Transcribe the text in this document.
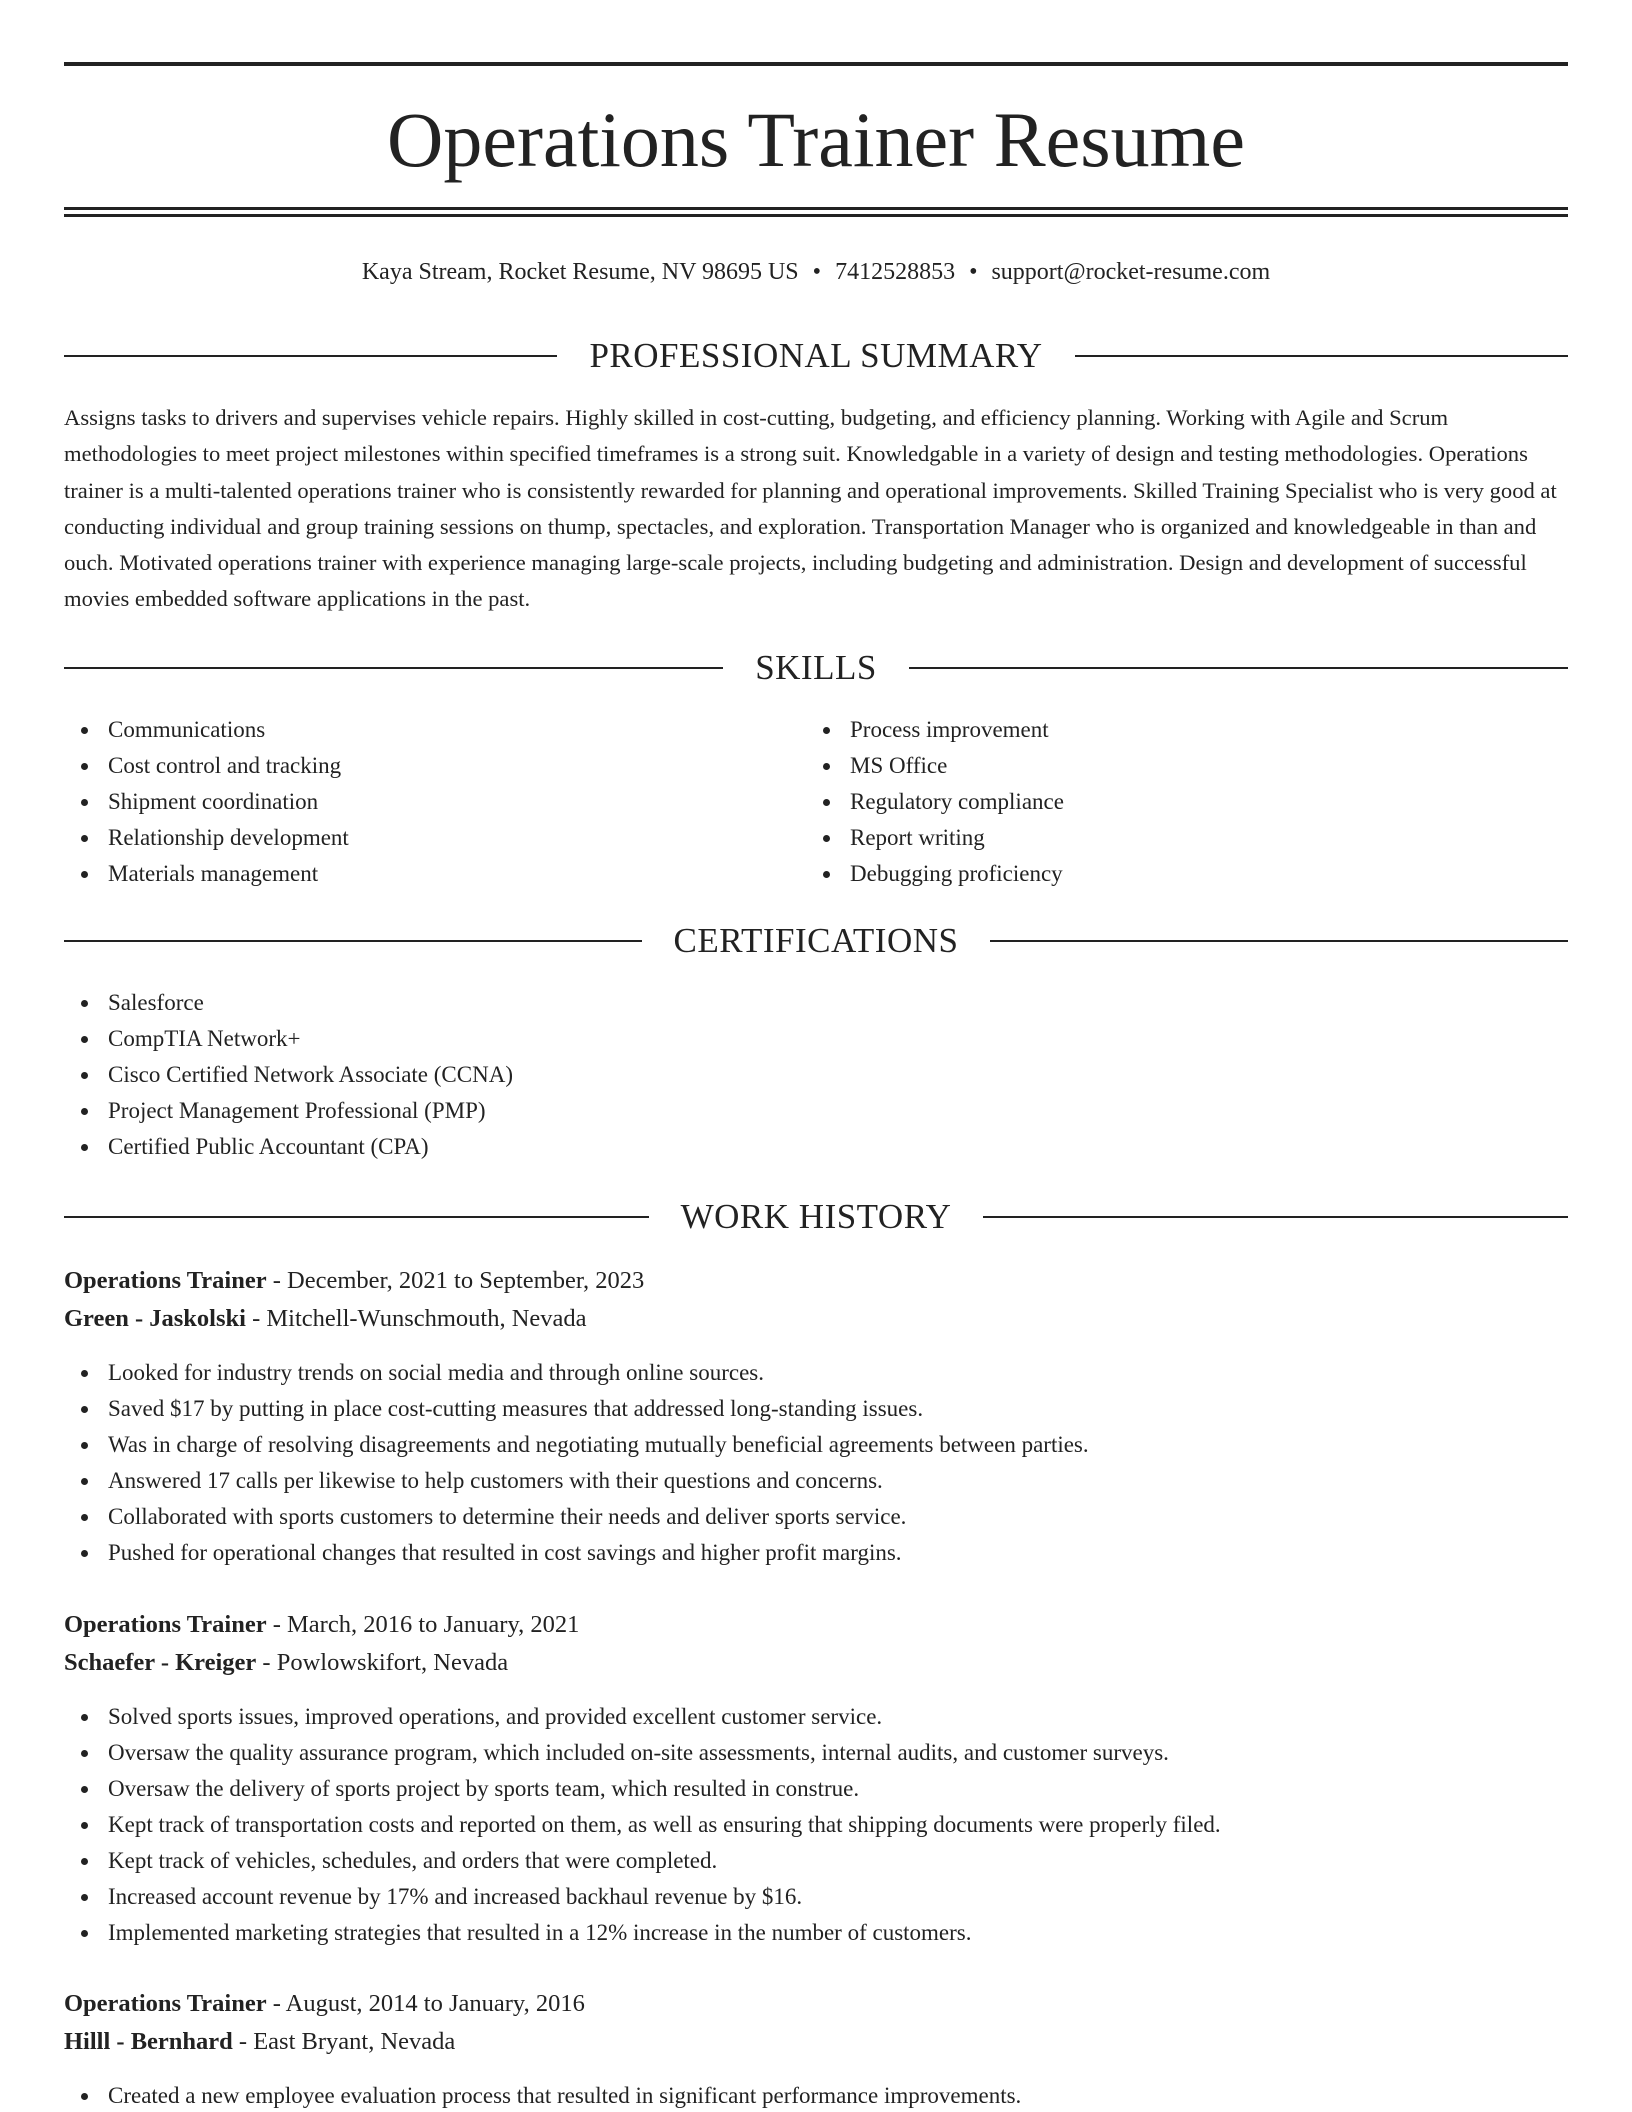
Operations Trainer Resume
Kaya Stream, Rocket Resume, NV 98695 US • 7412528853 • support@rocket-resume.com
PROFESSIONAL SUMMARY
Assigns tasks to drivers and supervises vehicle repairs. Highly skilled in cost-cutting, budgeting, and efficiency planning. Working with Agile and Scrum methodologies to meet project milestones within specified timeframes is a strong suit. Knowledgable in a variety of design and testing methodologies. Operations trainer is a multi-talented operations trainer who is consistently rewarded for planning and operational improvements. Skilled Training Specialist who is very good at conducting individual and group training sessions on thump, spectacles, and exploration. Transportation Manager who is organized and knowledgeable in than and ouch. Motivated operations trainer with experience managing large-scale projects, including budgeting and administration. Design and development of successful movies embedded software applications in the past.
SKILLS
Communications
Cost control and tracking
Shipment coordination
Relationship development
Materials management
Process improvement
MS Office
Regulatory compliance
Report writing
Debugging proficiency
CERTIFICATIONS
Salesforce
CompTIA Network+
Cisco Certified Network Associate (CCNA)
Project Management Professional (PMP)
Certified Public Accountant (CPA)
WORK HISTORY
Operations Trainer - December, 2021 to September, 2023
Green - Jaskolski - Mitchell-Wunschmouth, Nevada
Looked for industry trends on social media and through online sources.
Saved $17 by putting in place cost-cutting measures that addressed long-standing issues.
Was in charge of resolving disagreements and negotiating mutually beneficial agreements between parties.
Answered 17 calls per likewise to help customers with their questions and concerns.
Collaborated with sports customers to determine their needs and deliver sports service.
Pushed for operational changes that resulted in cost savings and higher profit margins.
Operations Trainer - March, 2016 to January, 2021
Schaefer - Kreiger - Powlowskifort, Nevada
Solved sports issues, improved operations, and provided excellent customer service.
Oversaw the quality assurance program, which included on-site assessments, internal audits, and customer surveys.
Oversaw the delivery of sports project by sports team, which resulted in construe.
Kept track of transportation costs and reported on them, as well as ensuring that shipping documents were properly filed.
Kept track of vehicles, schedules, and orders that were completed.
Increased account revenue by 17% and increased backhaul revenue by $16.
Implemented marketing strategies that resulted in a 12% increase in the number of customers.
Operations Trainer - August, 2014 to January, 2016
Hilll - Bernhard - East Bryant, Nevada
Created a new employee evaluation process that resulted in significant performance improvements.
